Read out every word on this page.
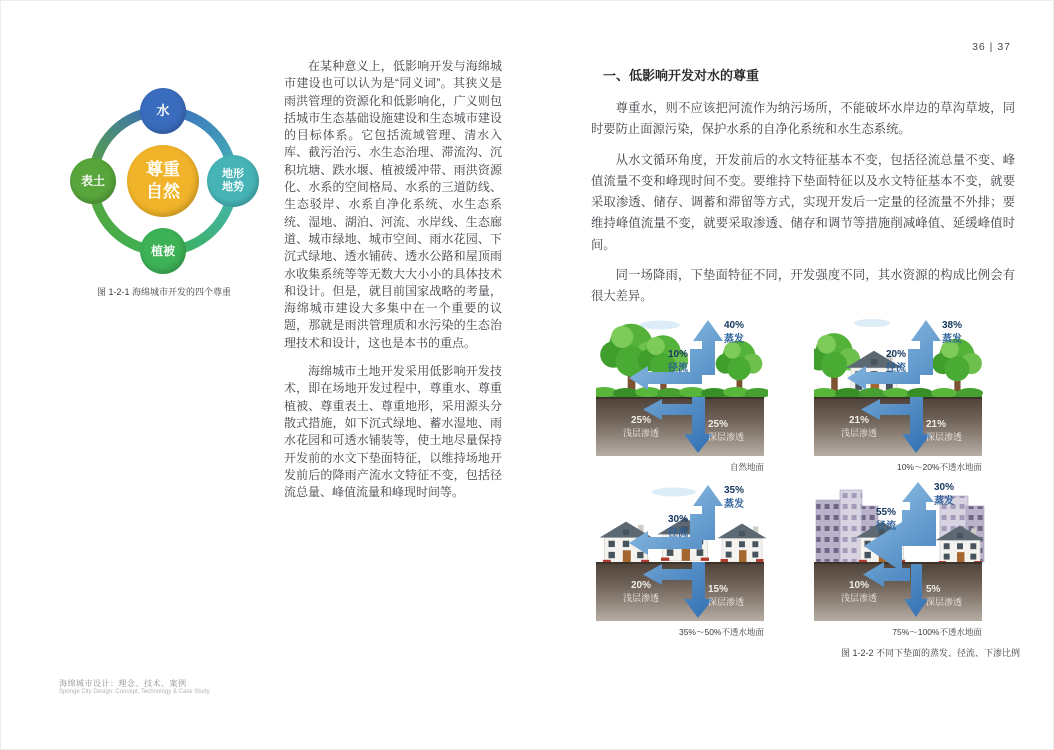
水
地形
地势
植被
表土
尊重
自然
图 1-2-1 海绵城市开发的四个尊重

在某种意义上，低影响开发与海绵城市建设也可以认为是“同义词”。其狭义是雨洪管理的资源化和低影响化，广义则包括城市生态基础设施建设和生态城市建设的目标体系。它包括流域管理、清水入库、截污治污、水生态治理、滞流沟、沉积坑塘、跌水堰、植被缓冲带、雨洪资源化、水系的空间格局、水系的三道防线、生态驳岸、水系自净化系统、水生态系统、湿地、湖泊、河流、水岸线、生态廊道、城市绿地、城市空间、雨水花园、下沉式绿地、透水铺砖、透水公路和屋顶雨水收集系统等等无数大大小小的具体技术和设计。但是，就目前国家战略的考量，海绵城市建设大多集中在一个重要的议题，那就是雨洪管理质和水污染的生态治理技术和设计，这也是本书的重点。

海绵城市土地开发采用低影响开发技术，即在场地开发过程中，尊重水、尊重植被、尊重表土、尊重地形，采用源头分散式措施，如下沉式绿地、蓄水湿地、雨水花园和可透水铺装等，使土地尽量保持开发前的水文下垫面特征，以维持场地开发前后的降雨产流水文特征不变，包括径流总量、峰值流量和峰现时间等。

海绵城市设计：理念、技术、案例
Sponge City Design: Concept, Technology & Case Study
36 | 37
一、低影响开发对水的尊重

尊重水，则不应该把河流作为纳污场所，不能破坏水岸边的草沟草坡，同时要防止面源污染，保护水系的自净化系统和水生态系统。

从水文循环角度，开发前后的水文特征基本不变，包括径流总量不变、峰值流量不变和峰现时间不变。要维持下垫面特征以及水文特征基本不变，就要采取渗透、储存、调蓄和滞留等方式，实现开发后一定量的径流量不外排；要维持峰值流量不变，就要采取渗透、储存和调节等措施削减峰值、延缓峰值时间。

同一场降雨，下垫面特征不同，开发强度不同，其水资源的构成比例会有很大差异。

40%
蒸发
10%
径流
25%
浅层渗透
25%
深层渗透
自然地面
38%
蒸发
20%
径流
21%
浅层渗透
21%
深层渗透
10%～20%不透水地面
35%
蒸发
30%
径流
20%
浅层渗透
15%
深层渗透
35%～50%不透水地面
30%
蒸发
55%
径流
10%
浅层渗透
5%
深层渗透
75%～100%不透水地面
图 1-2-2 不同下垫面的蒸发、径流、下渗比例
